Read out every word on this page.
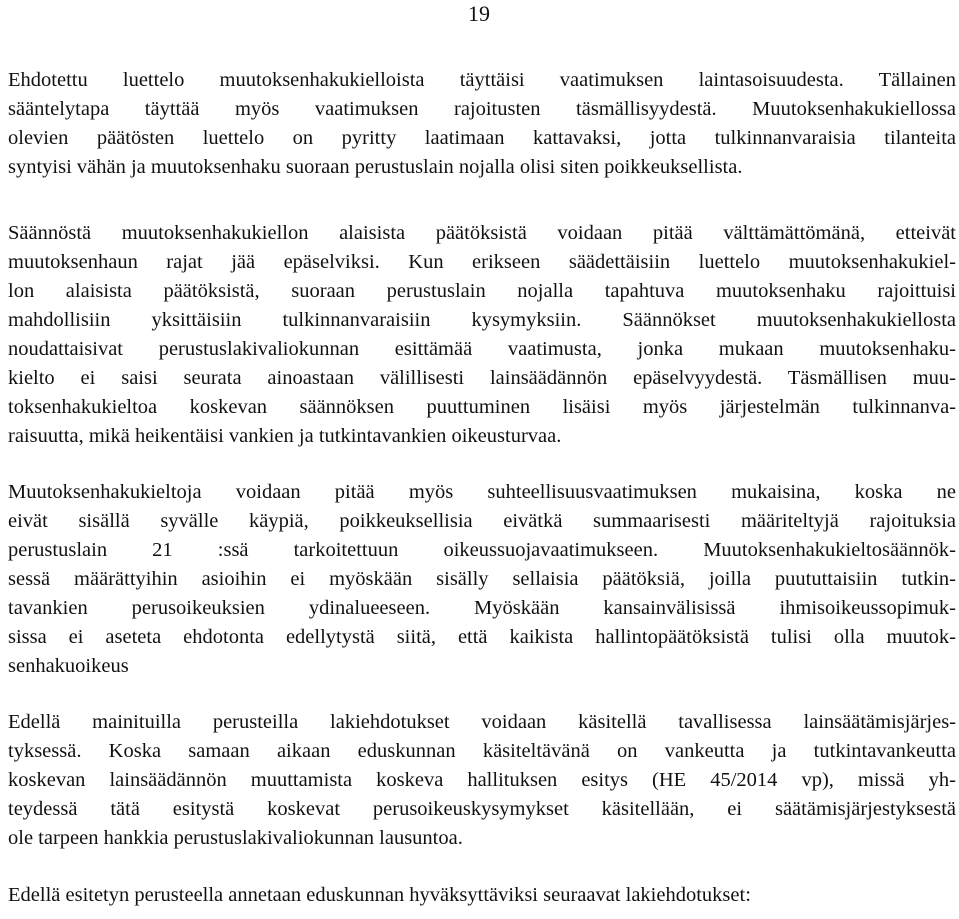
19
Ehdotettu luettelo muutoksenhakukielloista täyttäisi vaatimuksen laintasoisuudesta. Tällainen
sääntelytapa täyttää myös vaatimuksen rajoitusten täsmällisyydestä. Muutoksenhakukiellossa
olevien päätösten luettelo on pyritty laatimaan kattavaksi, jotta tulkinnanvaraisia tilanteita
syntyisi vähän ja muutoksenhaku suoraan perustuslain nojalla olisi siten poikkeuksellista.
Säännöstä muutoksenhakukiellon alaisista päätöksistä voidaan pitää välttämättömänä, etteivät
muutoksenhaun rajat jää epäselviksi. Kun erikseen säädettäisiin luettelo muutoksenhakukiel-
lon alaisista päätöksistä, suoraan perustuslain nojalla tapahtuva muutoksenhaku rajoittuisi
mahdollisiin yksittäisiin tulkinnanvaraisiin kysymyksiin. Säännökset muutoksenhakukiellosta
noudattaisivat perustuslakivaliokunnan esittämää vaatimusta, jonka mukaan muutoksenhaku-
kielto ei saisi seurata ainoastaan välillisesti lainsäädännön epäselvyydestä. Täsmällisen muu-
toksenhakukieltoa koskevan säännöksen puuttuminen lisäisi myös järjestelmän tulkinnanva-
raisuutta, mikä heikentäisi vankien ja tutkintavankien oikeusturvaa.
Muutoksenhakukieltoja voidaan pitää myös suhteellisuusvaatimuksen mukaisina, koska ne
eivät sisällä syvälle käypiä, poikkeuksellisia eivätkä summaarisesti määriteltyjä rajoituksia
perustuslain 21 :ssä tarkoitettuun oikeussuojavaatimukseen. Muutoksenhakukieltosäännök-
sessä määrättyihin asioihin ei myöskään sisälly sellaisia päätöksiä, joilla puututtaisiin tutkin-
tavankien perusoikeuksien ydinalueeseen. Myöskään kansainvälisissä ihmisoikeussopimuk-
sissa ei aseteta ehdotonta edellytystä siitä, että kaikista hallintopäätöksistä tulisi olla muutok-
senhakuoikeus
Edellä mainituilla perusteilla lakiehdotukset voidaan käsitellä tavallisessa lainsäätämisjärjes-
tyksessä. Koska samaan aikaan eduskunnan käsiteltävänä on vankeutta ja tutkintavankeutta
koskevan lainsäädännön muuttamista koskeva hallituksen esitys (HE 45/2014 vp), missä yh-
teydessä tätä esitystä koskevat perusoikeuskysymykset käsitellään, ei säätämisjärjestyksestä
ole tarpeen hankkia perustuslakivaliokunnan lausuntoa.
Edellä esitetyn perusteella annetaan eduskunnan hyväksyttäviksi seuraavat lakiehdotukset:
